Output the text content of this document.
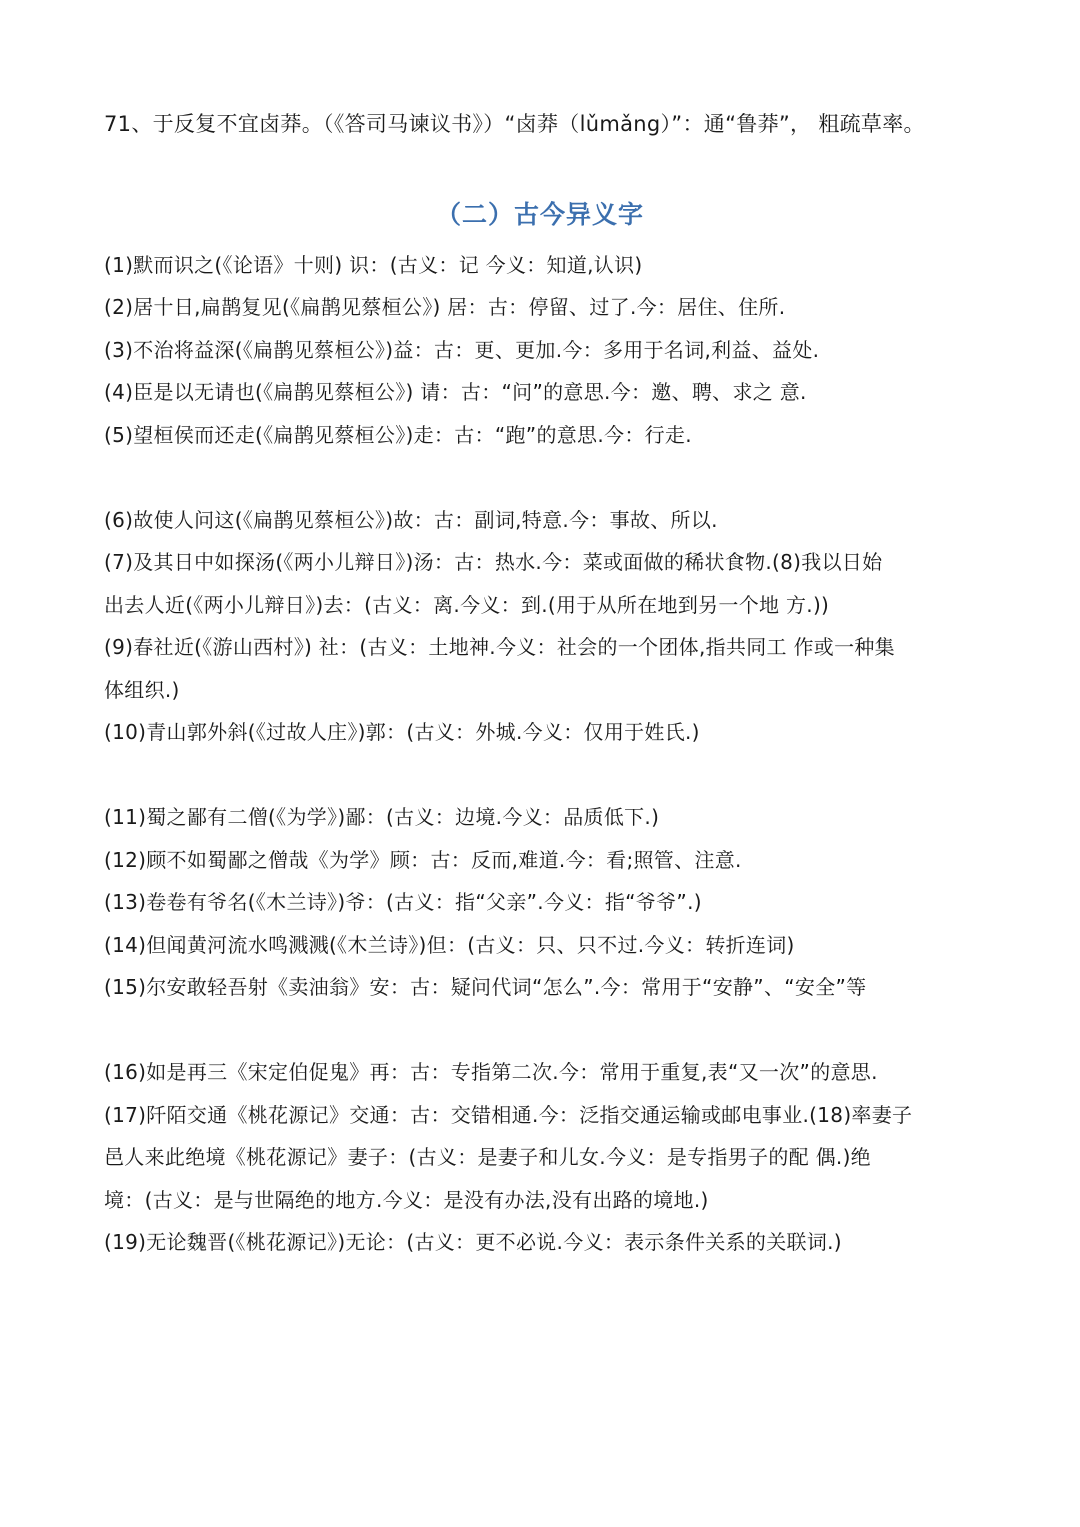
71、于反复不宜卤莽。（《答司马谏议书》）“卤莽（lǔmǎng）”：通“鲁莽”， 粗疏草率。
（二）古今异义字
(1)默而识之(《论语》十则) 识：(古义：记 今义：知道,认识)
(2)居十日,扁鹊复见(《扁鹊见蔡桓公》) 居：古：停留、过了.今：居住、住所.
(3)不治将益深(《扁鹊见蔡桓公》)益：古：更、更加.今：多用于名词,利益、益处.
(4)臣是以无请也(《扁鹊见蔡桓公》) 请：古：“问”的意思.今：邀、聘、求之 意.
(5)望桓侯而还走(《扁鹊见蔡桓公》)走：古：“跑”的意思.今：行走.
(6)故使人问这(《扁鹊见蔡桓公》)故：古：副词,特意.今：事故、所以.
(7)及其日中如探汤(《两小儿辩日》)汤：古：热水.今：菜或面做的稀状食物.(8)我以日始
出去人近(《两小儿辩日》)去：(古义：离.今义：到.(用于从所在地到另一个地 方.))
(9)春社近(《游山西村》) 社：(古义：土地神.今义：社会的一个团体,指共同工 作或一种集
体组织.)
(10)青山郭外斜(《过故人庄》)郭：(古义：外城.今义：仅用于姓氏.)
(11)蜀之鄙有二僧(《为学》)鄙：(古义：边境.今义：品质低下.)
(12)顾不如蜀鄙之僧哉《为学》顾：古：反而,难道.今：看;照管、注意.
(13)卷卷有爷名(《木兰诗》)爷：(古义：指“父亲”.今义：指“爷爷”.)
(14)但闻黄河流水鸣溅溅(《木兰诗》)但：(古义：只、只不过.今义：转折连词)
(15)尔安敢轻吾射《卖油翁》安：古：疑问代词“怎么”.今：常用于“安静”、“安全”等
(16)如是再三《宋定伯促鬼》再：古：专指第二次.今：常用于重复,表“又一次”的意思.
(17)阡陌交通《桃花源记》交通：古：交错相通.今：泛指交通运输或邮电事业.(18)率妻子
邑人来此绝境《桃花源记》妻子：(古义：是妻子和儿女.今义：是专指男子的配 偶.)绝
境：(古义：是与世隔绝的地方.今义：是没有办法,没有出路的境地.)
(19)无论魏晋(《桃花源记》)无论：(古义：更不必说.今义：表示条件关系的关联词.)
